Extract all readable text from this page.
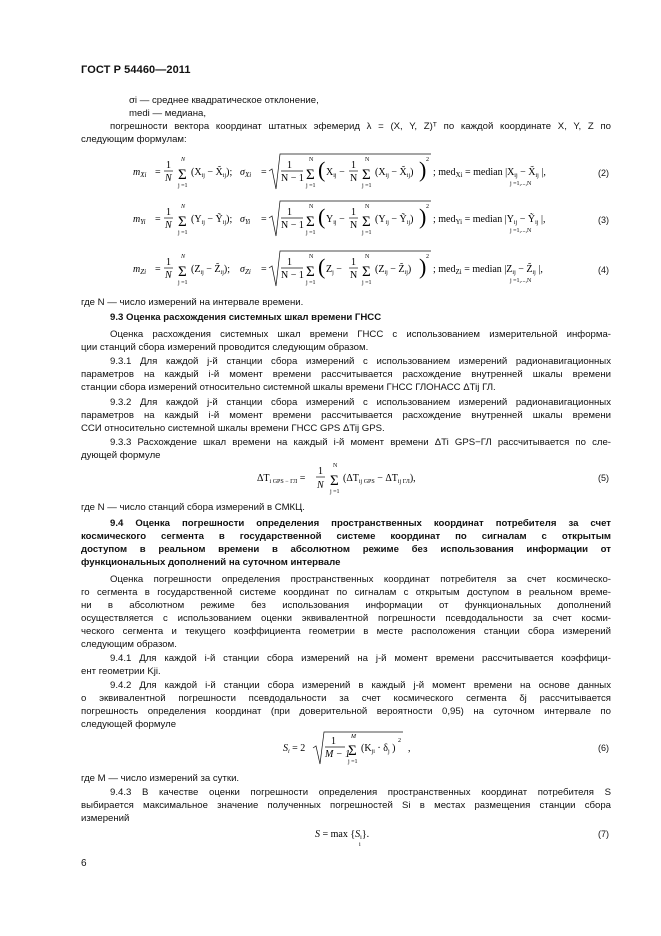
ГОСТ Р 54460—2011
σi — среднее квадратическое отклонение,
medi — медиана,
погрешности вектора координат штатных эфемерид λ = (X, Y, Z)ᵀ по каждой координате X, Y, Z по
следующим формулам:
$m_{Xi}$ =
1
N Σ
N
j =1
($X_{ij}$ − $X̃_{ij}$); $\sigma_{Xi}$ =
1
N − 1 Σ
N
j =1
( $X_{ij}$ −
1
N Σ
N
j =1
($X_{ij}$ − $X̃_{ij}$) ) 2
; med$_{Xi}$ = median $|X_{ij}$ − $X̃_{ij}$ |,
j =1,...,N
(2)
$m_{Yi}$ =
1
N Σ
N
j =1
($Y_{ij}$ − Ỹ$_{ij}$); $\sigma_{Yi}$ =
1
N − 1 Σ
N
j =1
( $Y_{ij}$ −
1
N Σ
N
j =1
($Y_{ij}$ − Ỹ$_{ij}$) ) 2
; med$_{Yi}$ = median $|Y_{ij}$ − Ỹ$_{ij}$ |,
j =1,...,N
(3)
$m_{Zi}$ =
1
N Σ
N
j =1
($Z_{ij}$ − $Z̃_{ij}$); $\sigma_{Zi}$ =
1
N − 1 Σ
N
j =1
( $Z_j$ −
1
N Σ
N
j =1
($Z_{ij}$ − $Z̃_{ij}$) ) 2
; med$_{Zi}$ = median $|Z_{ij}$ − $Z̃_{ij}$ |,
j =1,...,N
(4)
где N — число измерений на интервале времени.
9.3 Оценка расхождения системных шкал времени ГНСС
Оценка расхождения системных шкал времени ГНСС с использованием измерительной информа-
ции станций сбора измерений проводится следующим образом.
9.3.1 Для каждой j-й станции сбора измерений с использованием измерений радионавигационных
параметров на каждый i-й момент времени рассчитывается расхождение внутренней шкалы времени
станции сбора измерений относительно системной шкалы времени ГНСС ГЛОНАСС ΔTij ГЛ.
9.3.2 Для каждой j-й станции сбора измерений с использованием измерений радионавигационных
параметров на каждый i-й момент времени рассчитывается расхождение внутренней шкалы времени
ССИ относительно системной шкалы времени ГНСС GPS ΔTij GPS.
9.3.3 Расхождение шкал времени на каждый i-й момент времени ΔTi GPS−ГЛ рассчитывается по сле-
дующей формуле
$\Delta T_{i GPS - ГЛ}$ =
1
N Σ
N
j =1
$(\Delta T_{ij GPS} - \Delta T_{ij ГЛ})$,	(5)
где N — число станций сбора измерений в СМКЦ.
9.4 Оценка погрешности определения пространственных координат потребителя за счет
космического сегмента в государственной системе координат по сигналам с открытым
доступом в реальном времени в абсолютном режиме без использования информации от
функциональных дополнений на суточном интервале
Оценка погрешности определения пространственных координат потребителя за счет космическо-
го сегмента в государственной системе координат по сигналам с открытым доступом в реальном време-
ни в абсолютном режиме без использования информации от функциональных дополнений
осуществляется с использованием оценки эквивалентной погрешности псевдодальности за счет косми-
ческого сегмента и текущего коэффициента геометрии в месте расположения станции сбора измерений
следующим образом.
9.4.1 Для каждой i-й станции сбора измерений на j-й момент времени рассчитывается коэффици-
ент геометрии Kji.
9.4.2 Для каждой i-й станции сбора измерений в каждый j-й момент времени на основе данных
о эквивалентной погрешности псевдодальности за счет космического сегмента δj рассчитывается
погрешность определения координат (при доверительной вероятности 0,95) на суточном интервале по
следующей формуле
$S_i = 2$
1
M − 1
Σ
M
j =1
($K_{ji} \cdot \delta_j$ )
2
,	(6)
где M — число измерений за сутки.
9.4.3 В качестве оценки погрешности определения пространственных координат потребителя S
выбирается максимальное значение полученных погрешностей Si в местах размещения станции сбора
измерений
$S = \max \{S_i\}$.
i
(7)
6
